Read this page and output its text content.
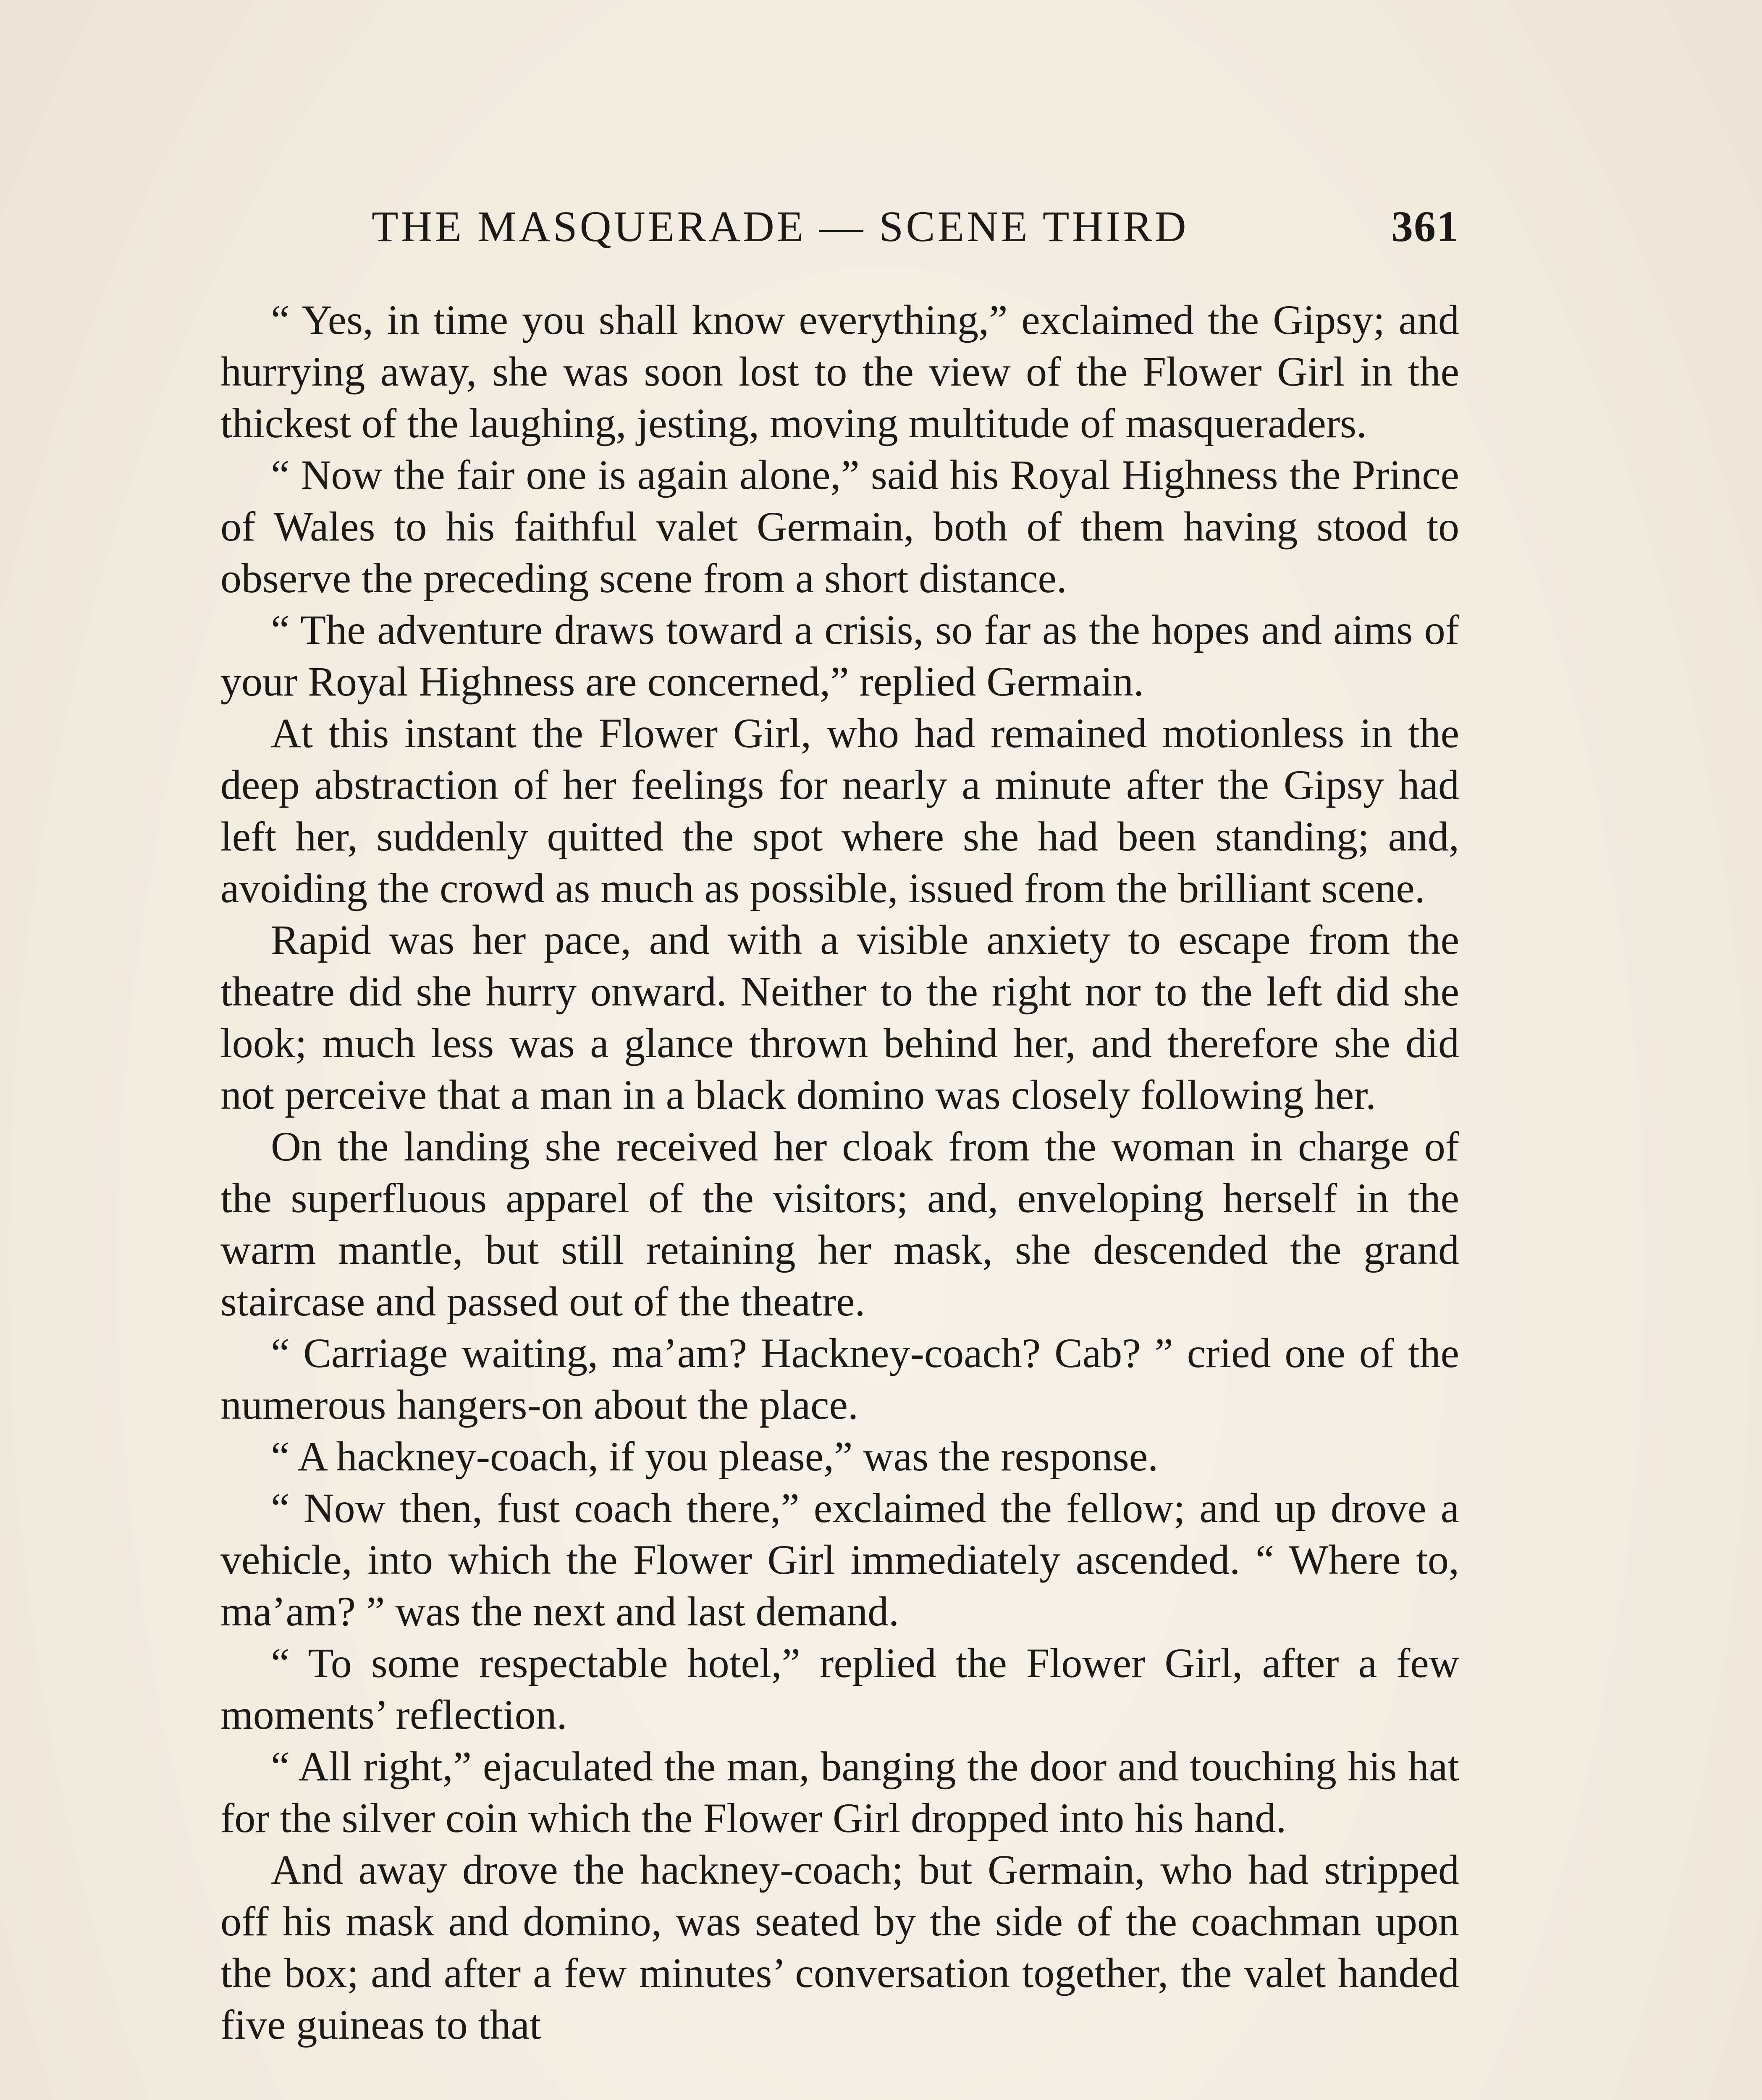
THE MASQUERADE — SCENE THIRD	361

“ Yes, in time you shall know everything,” exclaimed the Gipsy; and hurrying away, she was soon lost to the view of the Flower Girl in the thickest of the laughing, jesting, moving multitude of masqueraders.

“ Now the fair one is again alone,” said his Royal Highness the Prince of Wales to his faithful valet Germain, both of them having stood to observe the preceding scene from a short distance.

“ The adventure draws toward a crisis, so far as the hopes and aims of your Royal Highness are concerned,” replied Germain.

At this instant the Flower Girl, who had remained motionless in the deep abstraction of her feelings for nearly a minute after the Gipsy had left her, suddenly quitted the spot where she had been standing; and, avoiding the crowd as much as possible, issued from the brilliant scene.

Rapid was her pace, and with a visible anxiety to escape from the theatre did she hurry onward. Neither to the right nor to the left did she look; much less was a glance thrown behind her, and therefore she did not perceive that a man in a black domino was closely following her.

On the landing she received her cloak from the woman in charge of the superfluous apparel of the visitors; and, enveloping herself in the warm mantle, but still retaining her mask, she descended the grand staircase and passed out of the theatre.

“ Carriage waiting, ma’am? Hackney-coach? Cab? ” cried one of the numerous hangers-on about the place.

“ A hackney-coach, if you please,” was the response.

“ Now then, fust coach there,” exclaimed the fellow; and up drove a vehicle, into which the Flower Girl immediately ascended. “ Where to, ma’am? ” was the next and last demand.

“ To some respectable hotel,” replied the Flower Girl, after a few moments’ reflection.

“ All right,” ejaculated the man, banging the door and touching his hat for the silver coin which the Flower Girl dropped into his hand.

And away drove the hackney-coach; but Germain, who had stripped off his mask and domino, was seated by the side of the coachman upon the box; and after a few minutes’ conversation together, the valet handed five guineas to that
